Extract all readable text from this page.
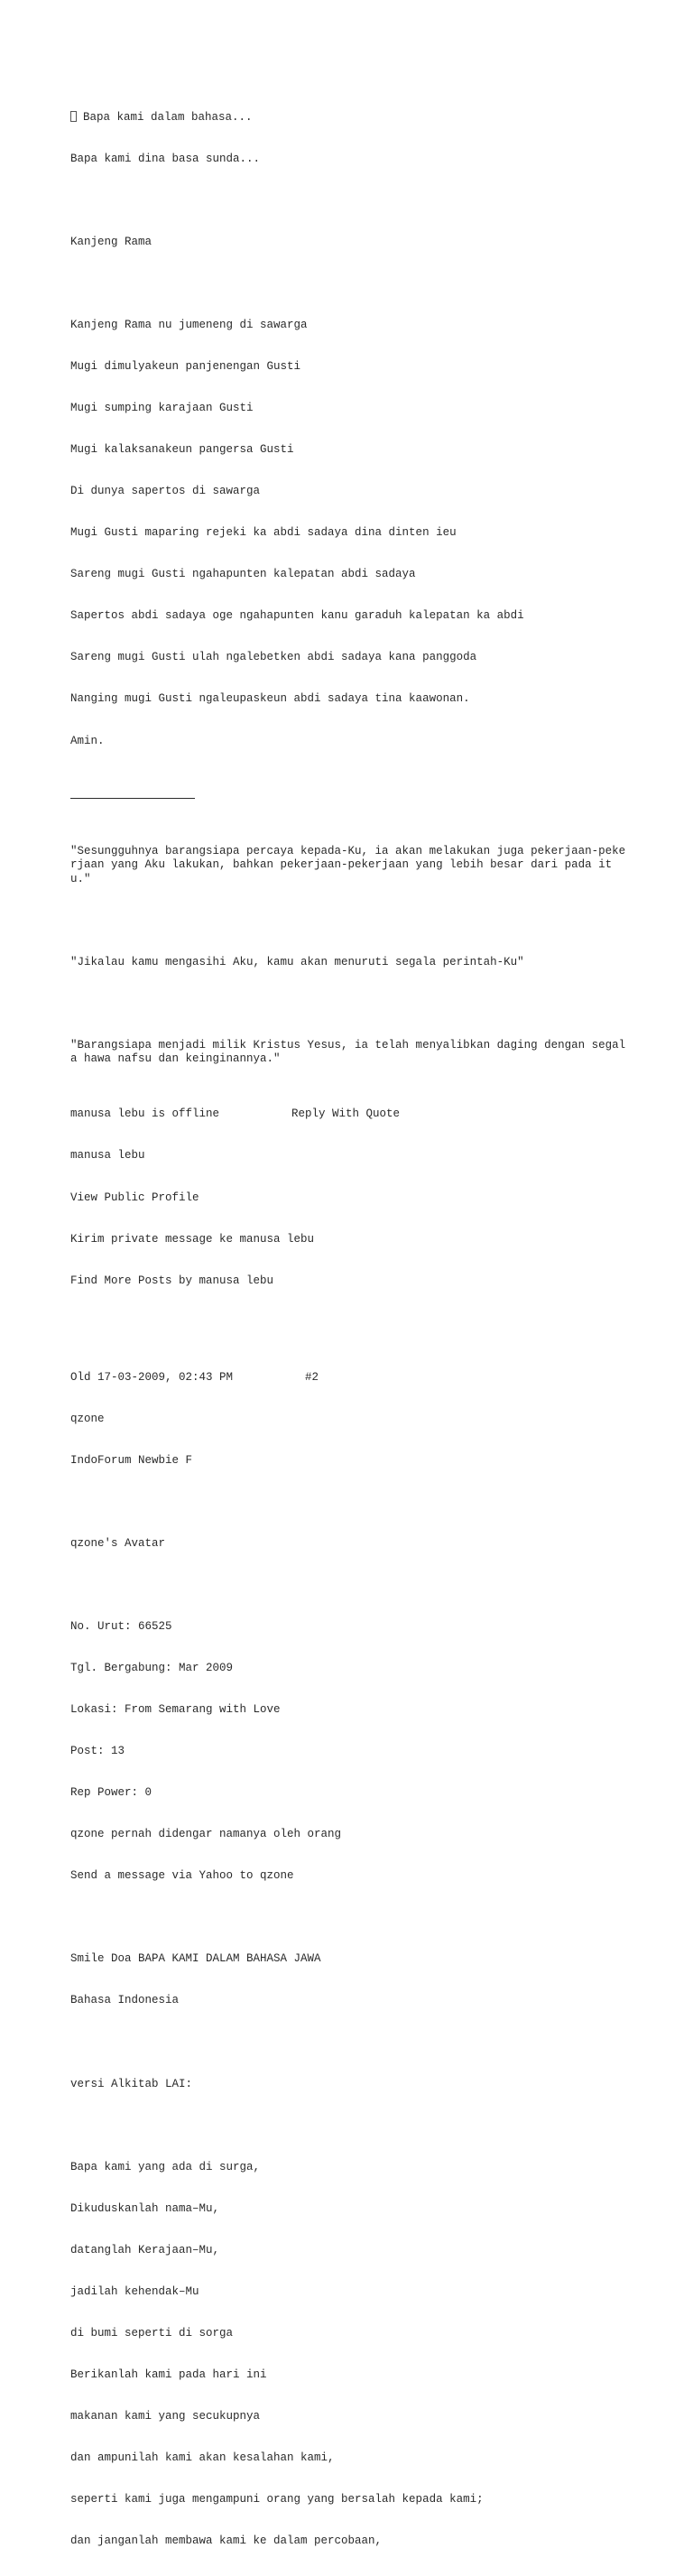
Bapa kami dalam bahasa...

Bapa kami dina basa sunda...

Kanjeng Rama

Kanjeng Rama nu jumeneng di sawarga

Mugi dimulyakeun panjenengan Gusti

Mugi sumping karajaan Gusti

Mugi kalaksanakeun pangersa Gusti

Di dunya sapertos di sawarga

Mugi Gusti maparing rejeki ka abdi sadaya dina dinten ieu

Sareng mugi Gusti ngahapunten kalepatan abdi sadaya

Sapertos abdi sadaya oge ngahapunten kanu garaduh kalepatan ka abdi

Sareng mugi Gusti ulah ngalebetken abdi sadaya kana panggoda

Nanging mugi Gusti ngaleupaskeun abdi sadaya tina kaawonan.

Amin.

"Sesungguhnya barangsiapa percaya kepada-Ku, ia akan melakukan juga pekerjaan-pekerjaan yang Aku lakukan, bahkan pekerjaan-pekerjaan yang lebih besar dari pada itu."

"Jikalau kamu mengasihi Aku, kamu akan menuruti segala perintah-Ku"

"Barangsiapa menjadi milik Kristus Yesus, ia telah menyalibkan daging dengan segala hawa nafsu dan keinginannya."

manusa lebu is offline	Reply With Quote

manusa lebu

View Public Profile

Kirim private message ke manusa lebu

Find More Posts by manusa lebu

Old 17-03-2009, 02:43 PM	#2

qzone

IndoForum Newbie F

qzone's Avatar

No. Urut: 66525

Tgl. Bergabung: Mar 2009

Lokasi: From Semarang with Love

Post: 13

Rep Power: 0

qzone pernah didengar namanya oleh orang

Send a message via Yahoo to qzone

Smile Doa BAPA KAMI DALAM BAHASA JAWA

Bahasa Indonesia

versi Alkitab LAI:

Bapa kami yang ada di surga,

Dikuduskanlah nama–Mu,

datanglah Kerajaan–Mu,

jadilah kehendak–Mu

di bumi seperti di sorga

Berikanlah kami pada hari ini

makanan kami yang secukupnya

dan ampunilah kami akan kesalahan kami,

seperti kami juga mengampuni orang yang bersalah kepada kami;

dan janganlah membawa kami ke dalam percobaan,
